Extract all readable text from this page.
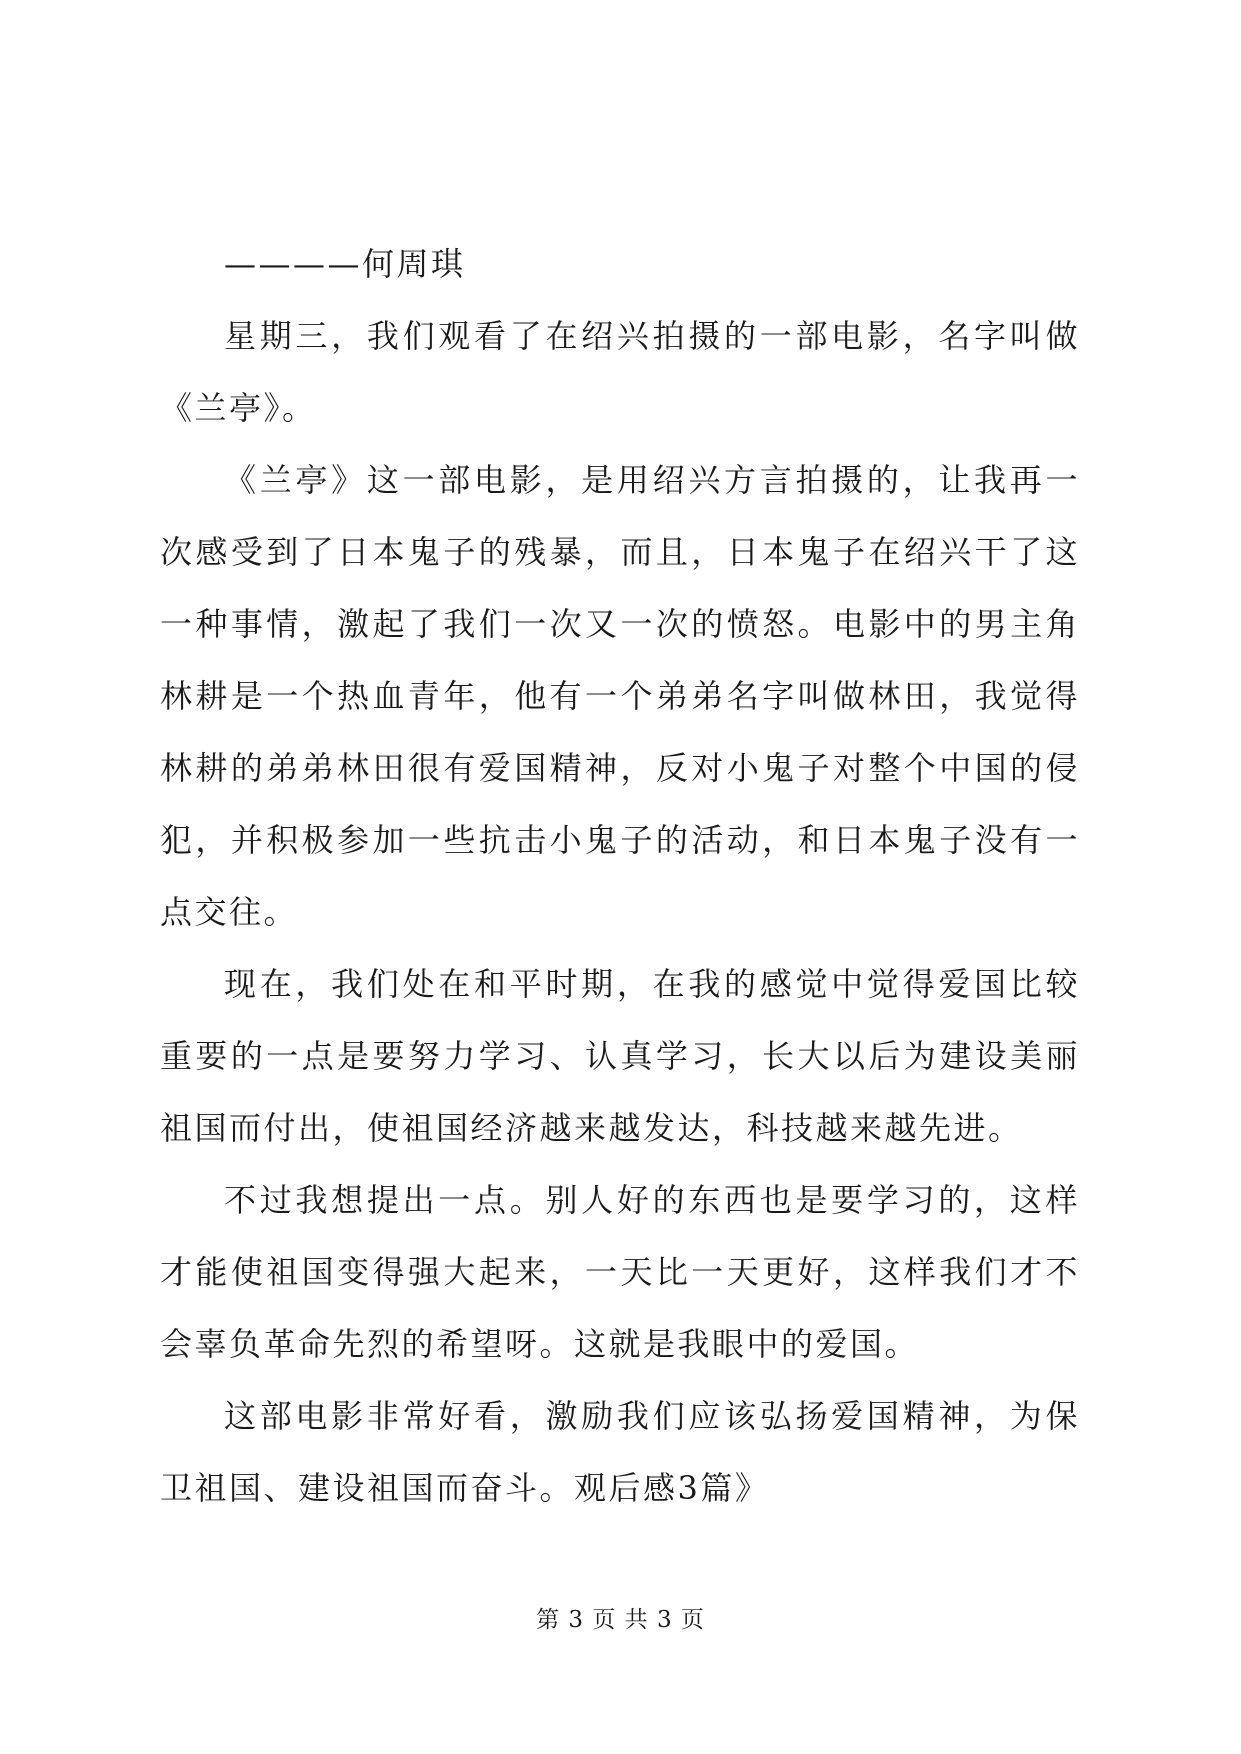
————何周琪

星期三，我们观看了在绍兴拍摄的一部电影，名字叫做《兰亭》。

《兰亭》这一部电影，是用绍兴方言拍摄的，让我再一次感受到了日本鬼子的残暴，而且，日本鬼子在绍兴干了这一种事情，激起了我们一次又一次的愤怒。电影中的男主角林耕是一个热血青年，他有一个弟弟名字叫做林田，我觉得林耕的弟弟林田很有爱国精神，反对小鬼子对整个中国的侵犯，并积极参加一些抗击小鬼子的活动，和日本鬼子没有一点交往。

现在，我们处在和平时期，在我的感觉中觉得爱国比较重要的一点是要努力学习、认真学习，长大以后为建设美丽祖国而付出，使祖国经济越来越发达，科技越来越先进。

不过我想提出一点。别人好的东西也是要学习的，这样才能使祖国变得强大起来，一天比一天更好，这样我们才不会辜负革命先烈的希望呀。这就是我眼中的爱国。

这部电影非常好看，激励我们应该弘扬爱国精神，为保卫祖国、建设祖国而奋斗。观后感3篇》

第 3 页 共 3 页
